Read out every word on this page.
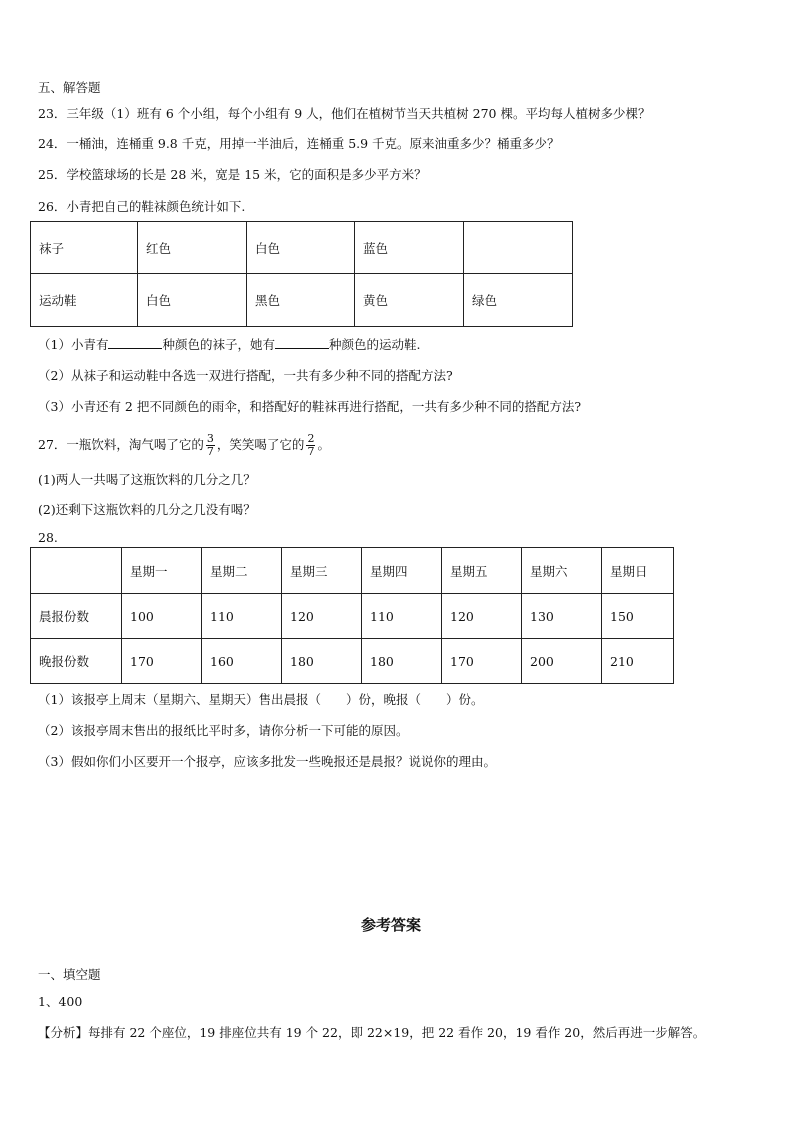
五、解答题
23．三年级（1）班有 6 个小组，每个小组有 9 人，他们在植树节当天共植树 270 棵。平均每人植树多少棵？
24．一桶油，连桶重 9.8 千克，用掉一半油后，连桶重 5.9 千克。原来油重多少？桶重多少？
25．学校篮球场的长是 28 米，宽是 15 米，它的面积是多少平方米？
26．小青把自己的鞋袜颜色统计如下.
袜子	红色	白色	蓝色	
运动鞋	白色	黑色	黄色	绿色
（1）小青有	种颜色的袜子，她有	种颜色的运动鞋.
（2）从袜子和运动鞋中各选一双进行搭配，一共有多少种不同的搭配方法?
（3）小青还有 2 把不同颜色的雨伞，和搭配好的鞋袜再进行搭配，一共有多少种不同的搭配方法?
27．一瓶饮料，淘气喝了它的 $\frac{3}{7}$ ，笑笑喝了它的 $\frac{2}{7}$ 。
(1)两人一共喝了这瓶饮料的几分之几？
(2)还剩下这瓶饮料的几分之几没有喝？
28.
	星期一	星期二	星期三	星期四	星期五	星期六	星期日
晨报份数	100	110	120	110	120	130	150
晚报份数	170	160	180	180	170	200	210
（1）该报亭上周末（星期六、星期天）售出晨报（　　）份，晚报（　　）份。
（2）该报亭周末售出的报纸比平时多，请你分析一下可能的原因。
（3）假如你们小区要开一个报亭，应该多批发一些晚报还是晨报？说说你的理由。
参考答案
一、填空题
1、400
【分析】每排有 22 个座位，19 排座位共有 19 个 22，即 22×19，把 22 看作 20，19 看作 20，然后再进一步解答。
